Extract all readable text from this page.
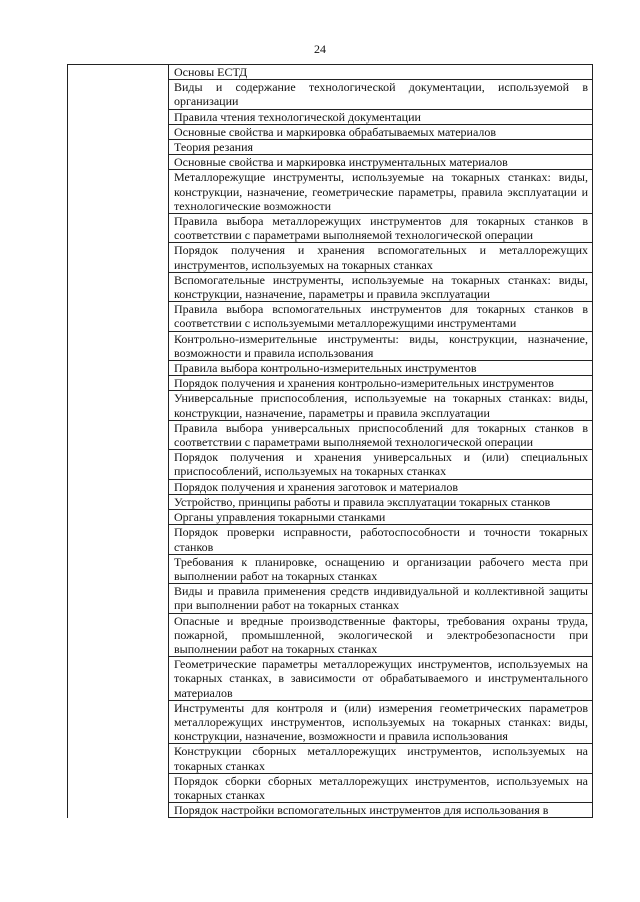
24
	Основы ЕСТД
Виды и содержание технологической документации, используемой в организации
Правила чтения технологической документации
Основные свойства и маркировка обрабатываемых материалов
Теория резания
Основные свойства и маркировка инструментальных материалов
Металлорежущие инструменты, используемые на токарных станках: виды, конструкции, назначение, геометрические параметры, правила эксплуатации и технологические возможности
Правила выбора металлорежущих инструментов для токарных станков в соответствии с параметрами выполняемой технологической операции
Порядок получения и хранения вспомогательных и металлорежущих инструментов, используемых на токарных станках
Вспомогательные инструменты, используемые на токарных станках: виды, конструкции, назначение, параметры и правила эксплуатации
Правила выбора вспомогательных инструментов для токарных станков в соответствии с используемыми металлорежущими инструментами
Контрольно-измерительные инструменты: виды, конструкции, назначение, возможности и правила использования
Правила выбора контрольно-измерительных инструментов
Порядок получения и хранения контрольно-измерительных инструментов
Универсальные приспособления, используемые на токарных станках: виды, конструкции, назначение, параметры и правила эксплуатации
Правила выбора универсальных приспособлений для токарных станков в соответствии с параметрами выполняемой технологической операции
Порядок получения и хранения универсальных и (или) специальных приспособлений, используемых на токарных станках
Порядок получения и хранения заготовок и материалов
Устройство, принципы работы и правила эксплуатации токарных станков
Органы управления токарными станками
Порядок проверки исправности, работоспособности и точности токарных станков
Требования к планировке, оснащению и организации рабочего места при выполнении работ на токарных станках
Виды и правила применения средств индивидуальной и коллективной защиты при выполнении работ на токарных станках
Опасные и вредные производственные факторы, требования охраны труда, пожарной, промышленной, экологической и электробезопасности при выполнении работ на токарных станках
Геометрические параметры металлорежущих инструментов, используемых на токарных станках, в зависимости от обрабатываемого и инструментального материалов
Инструменты для контроля и (или) измерения геометрических параметров металлорежущих инструментов, используемых на токарных станках: виды, конструкции, назначение, возможности и правила использования
Конструкции сборных металлорежущих инструментов, используемых на токарных станках
Порядок сборки сборных металлорежущих инструментов, используемых на токарных станках
Порядок настройки вспомогательных инструментов для использования в
